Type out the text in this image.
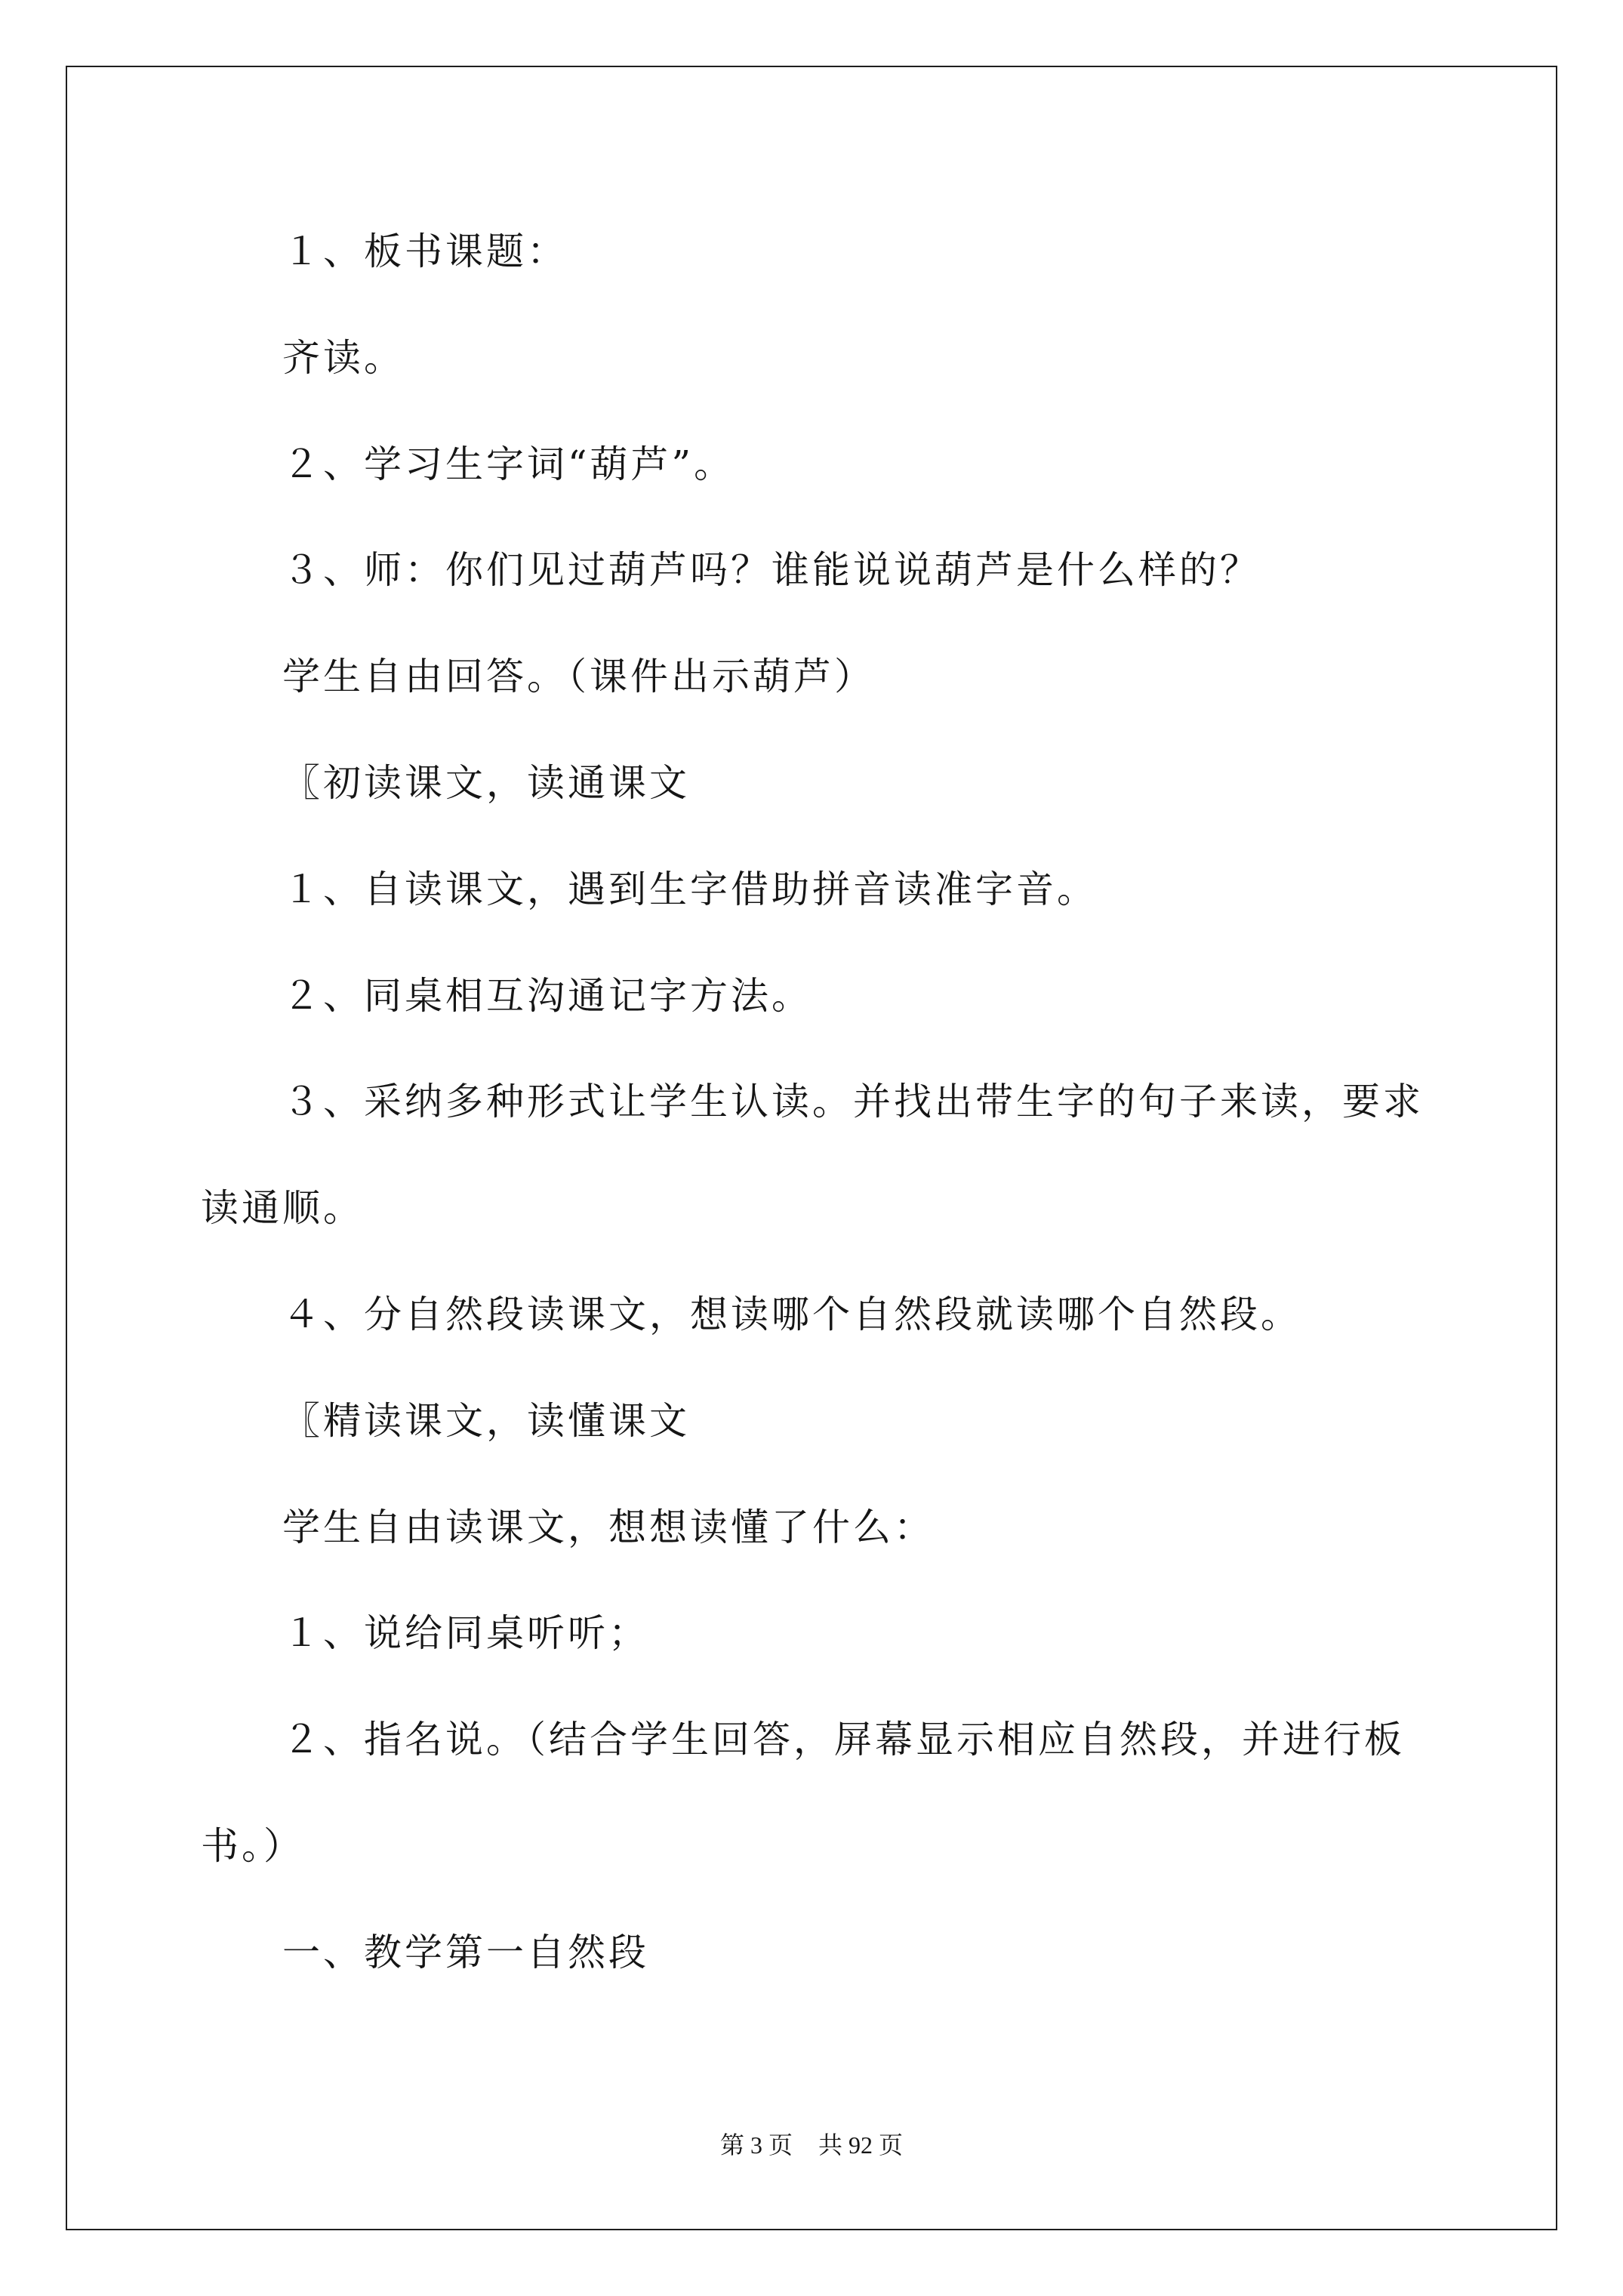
１、板书课题：
齐读。
２、学习生字词“葫芦”。
３、师：你们见过葫芦吗？谁能说说葫芦是什么样的？
学生自由回答。（课件出示葫芦）
〖初读课文，读通课文
１、自读课文，遇到生字借助拼音读准字音。
２、同桌相互沟通记字方法。
３、采纳多种形式让学生认读。并找出带生字的句子来读，要求
读通顺。
４、分自然段读课文，想读哪个自然段就读哪个自然段。
〖精读课文，读懂课文
学生自由读课文，想想读懂了什么：
１、说给同桌听听；
２、指名说。（结合学生回答，屏幕显示相应自然段，并进行板
书。）
一、教学第一自然段
第 3 页 共 92 页
